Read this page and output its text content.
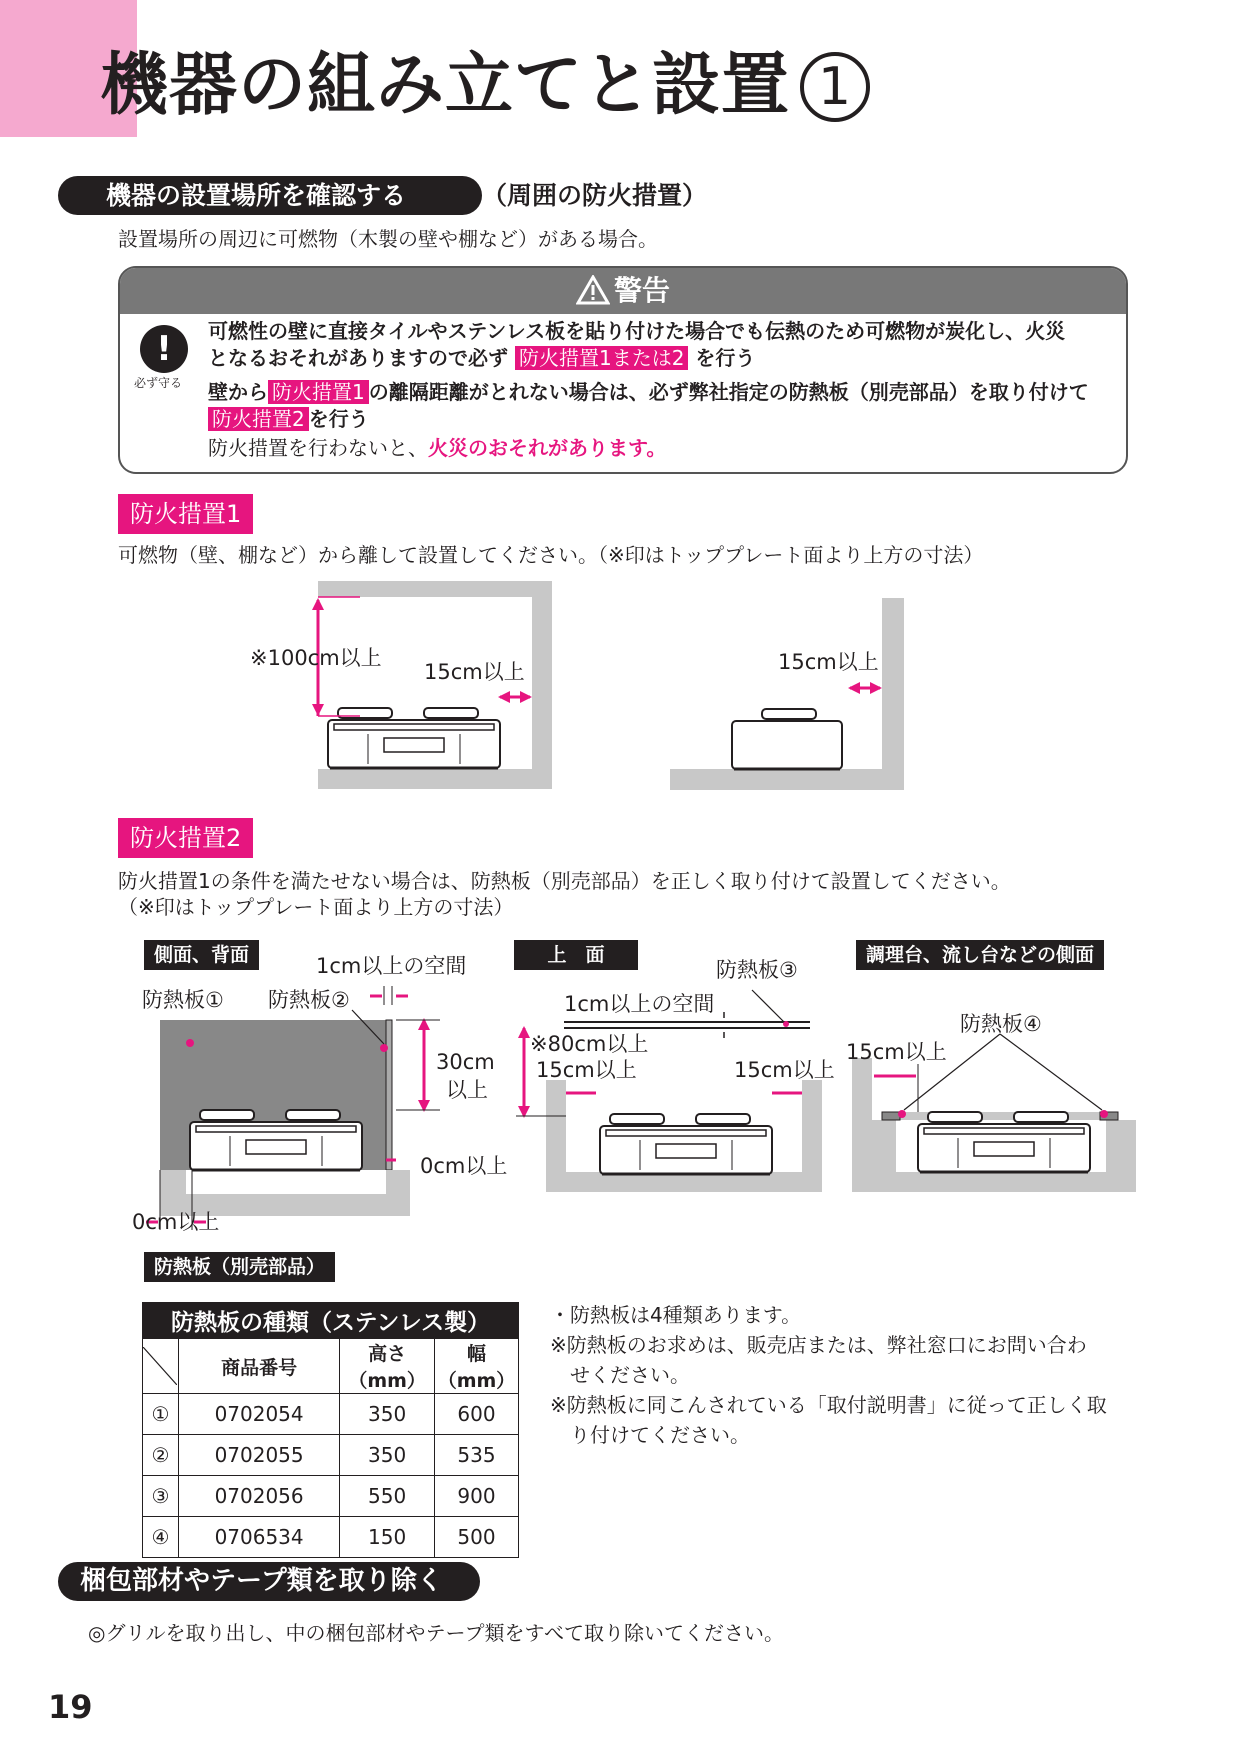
機器の組み立てと設置 1
機器の設置場所を確認する	（周囲の防火措置）
設置場所の周辺に可燃物（木製の壁や棚など）がある場合。
警告
!
必ず守る
可燃性の壁に直接タイルやステンレス板を貼り付けた場合でも伝熱のため可燃物が炭化し、火災
となるおそれがありますので必ず 防火措置1または2 を行う
壁から 防火措置1 の離隔距離がとれない場合は、必ず弊社指定の防熱板（別売部品）を取り付けて
防火措置2 を行う
防火措置を行わないと、火災のおそれがあります。
防火措置1
可燃物（壁、棚など）から離して設置してください。（※印はトッププレート面より上方の寸法）
※100cm以上
15cm以上	15cm以上
防火措置2
防火措置1の条件を満たせない場合は、防熱板（別売部品）を正しく取り付けて設置してください。
（※印はトッププレート面より上方の寸法）
側面、背面	1cm以上の空間
防熱板① 防熱板②
30cm
以上
0cm以上
0cm以上
上　面
防熱板③
1cm以上の空間
※80cm以上
15cm以上	15cm以上
調理台、流し台などの側面
防熱板④
15cm以上
防熱板（別売部品）
防熱板の種類（ステンレス製）			

	商品番号	高さ（mm）	幅（mm）
①	0702054	350	600
②	0702055	350	535
③	0702056	550	900
④	0706534	150	500
・防熱板は4種類あります。
※防熱板のお求めは、販売店または、弊社窓口にお問い合わ
　せください。
※防熱板に同こんされている「取付説明書」に従って正しく取
　り付けてください。
梱包部材やテープ類を取り除く
◎グリルを取り出し、中の梱包部材やテープ類をすべて取り除いてください。
19
